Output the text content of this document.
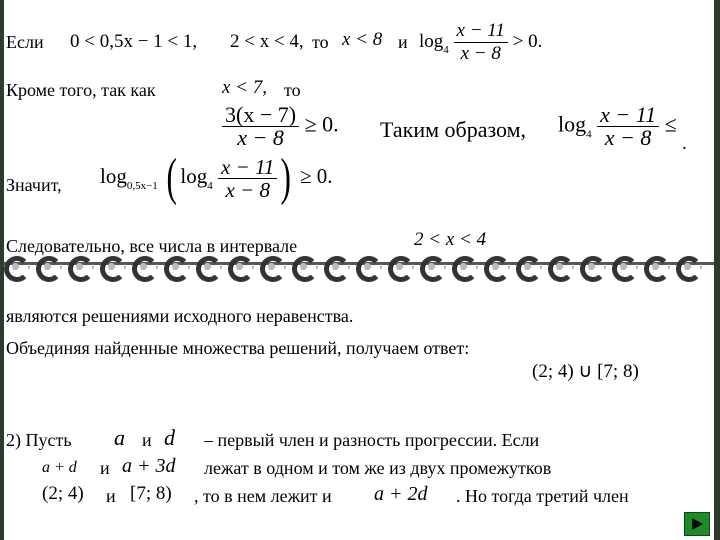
Если 0 < 0,5x − 1 < 1, 2 < x < 4, то x < 8 и $\log_4 \frac{x - 11}{x - 8} > 0$.
Кроме того, так как	x < 7, то
$\frac{3(x - 7)}{x - 8} \ge 0$. Таким образом, $\log_4 \frac{x - 11}{x - 8}$ ≤
.
Значит, $\log_{0,5x-1}$ ( $\log_4 \frac{x - 11}{x - 8}$ ) ≥ 0.
Следовательно, все числа в интервале	2 < x < 4
являются решениями исходного неравенства.
Объединяя найденные множества решений, получаем ответ:
(2; 4) ∪ [7; 8)
2) Пусть a и d – первый член и разность прогрессии. Если
a + d и a + 3d лежат в одном и том же из двух промежутков
(2; 4) и [7; 8) , то в нем лежит и a + 2d . Но тогда третий член
